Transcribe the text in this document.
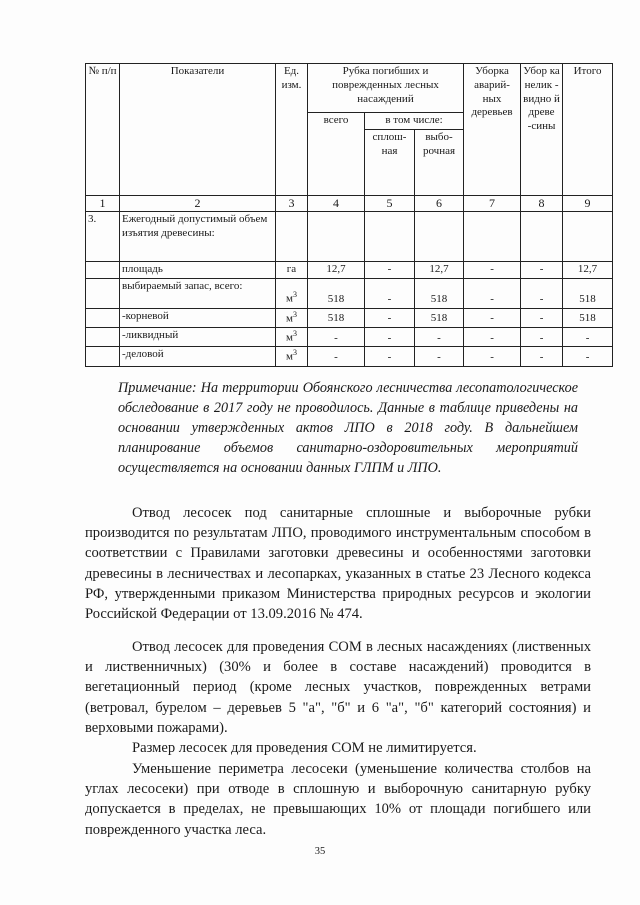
№ п/п	Показатели	Ед. изм.	Рубка погибших и поврежденных лесных насаждений			Уборка аварий-ных деревьев	Убор ка нелик - видно й древе -сины	Итого
			всего	в том числе:				
				сплош-ная	выбо-рочная			
1	2	3	4	5	6	7	8	9
3.	Ежегодный допустимый объем изъятия древесины:							
	площадь	га	12,7	-	12,7	-	-	12,7
	выбираемый запас, всего:	$м^3$	518	-	518	-	-	518
	-корневой	$м^3$	518	-	518	-	-	518
	-ликвидный	$м^3$	-	-	-	-	-	-
	-деловой	$м^3$	-	-	-	-	-	-
Примечание: На территории Обоянского лесничества лесопатологическое обследование в 2017 году не проводилось. Данные в таблице приведены на основании утвержденных актов ЛПО в 2018 году. В дальнейшем планирование объемов санитарно-оздоровительных мероприятий осуществляется на основании данных ГЛПМ и ЛПО.

Отвод лесосек под санитарные сплошные и выборочные рубки производится по результатам ЛПО, проводимого инструментальным способом в соответствии с Правилами заготовки древесины и особенностями заготовки древесины в лесничествах и лесопарках, указанных в статье 23 Лесного кодекса РФ, утвержденными приказом Министерства природных ресурсов и экологии Российской Федерации от 13.09.2016 № 474.

Отвод лесосек для проведения СОМ в лесных насаждениях (лиственных и лиственничных) (30% и более в составе насаждений) проводится в вегетационный период (кроме лесных участков, поврежденных ветрами (ветровал, бурелом – деревьев 5 "а", "б" и 6 "а", "б" категорий состояния) и верховыми пожарами).

Размер лесосек для проведения СОМ не лимитируется.

Уменьшение периметра лесосеки (уменьшение количества столбов на углах лесосеки) при отводе в сплошную и выборочную санитарную рубку допускается в пределах, не превышающих 10% от площади погибшего или поврежденного участка леса.

35
